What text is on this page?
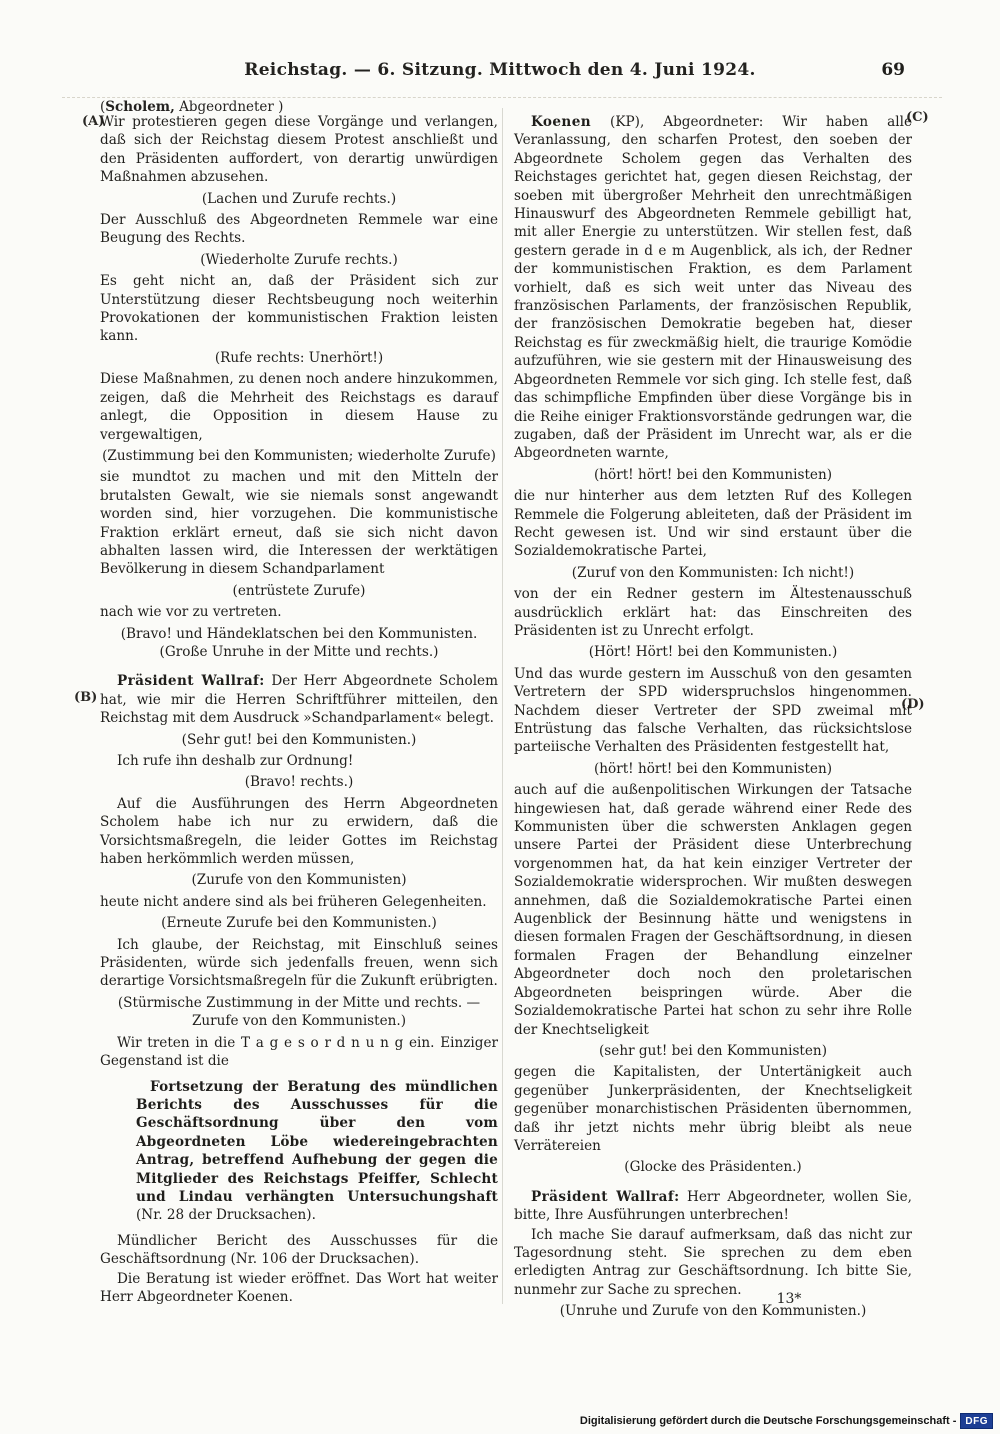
Reichstag. — 6. Sitzung. Mittwoch den 4. Juni 1924.	69
(Scholem, Abgeordneter )
(A)
(B)
(C)
(D)

Wir protestieren gegen diese Vorgänge und verlangen, daß sich der Reichstag diesem Protest anschließt und den Präsidenten auffordert, von derartig unwürdigen Maßnahmen abzusehen.

(Lachen und Zurufe rechts.)

Der Ausschluß des Abgeordneten Remmele war eine Beugung des Rechts.

(Wiederholte Zurufe rechts.)

Es geht nicht an, daß der Präsident sich zur Unterstützung dieser Rechtsbeugung noch weiterhin Provokationen der kommunistischen Fraktion leisten kann.

(Rufe rechts: Unerhört!)

Diese Maßnahmen, zu denen noch andere hinzukommen, zeigen, daß die Mehrheit des Reichstags es darauf anlegt, die Opposition in diesem Hause zu vergewaltigen,

(Zustimmung bei den Kommunisten; wiederholte Zurufe)

sie mundtot zu machen und mit den Mitteln der brutalsten Gewalt, wie sie niemals sonst angewandt worden sind, hier vorzugehen. Die kommunistische Fraktion erklärt erneut, daß sie sich nicht davon abhalten lassen wird, die Interessen der werktätigen Bevölkerung in diesem Schandparlament

(entrüstete Zurufe)

nach wie vor zu vertreten.

(Bravo! und Händeklatschen bei den Kommunisten. (Große Unruhe in der Mitte und rechts.)

Präsident Wallraf: Der Herr Abgeordnete Scholem hat, wie mir die Herren Schriftführer mitteilen, den Reichstag mit dem Ausdruck »Schandparlament« belegt.

(Sehr gut! bei den Kommunisten.)

Ich rufe ihn deshalb zur Ordnung!

(Bravo! rechts.)

Auf die Ausführungen des Herrn Abgeordneten Scholem habe ich nur zu erwidern, daß die Vorsichtsmaßregeln, die leider Gottes im Reichstag haben herkömmlich werden müssen,

(Zurufe von den Kommunisten)

heute nicht andere sind als bei früheren Gelegenheiten.

(Erneute Zurufe bei den Kommunisten.)

Ich glaube, der Reichstag, mit Einschluß seines Präsidenten, würde sich jedenfalls freuen, wenn sich derartige Vorsichtsmaßregeln für die Zukunft erübrigten.

(Stürmische Zustimmung in der Mitte und rechts. — Zurufe von den Kommunisten.)

Wir treten in die T a g e s o r d n u n g ein. Einziger Gegenstand ist die

Fortsetzung der Beratung des mündlichen Berichts des Ausschusses für die Geschäftsordnung über den vom Abgeordneten Löbe wiedereingebrachten Antrag, betreffend Aufhebung der gegen die Mitglieder des Reichstags Pfeiffer, Schlecht und Lindau verhängten Untersuchungshaft (Nr. 28 der Drucksachen).

Mündlicher Bericht des Ausschusses für die Geschäftsordnung (Nr. 106 der Drucksachen).

Die Beratung ist wieder eröffnet. Das Wort hat weiter Herr Abgeordneter Koenen.

Koenen (KP), Abgeordneter: Wir haben alle Veranlassung, den scharfen Protest, den soeben der Abgeordnete Scholem gegen das Verhalten des Reichstages gerichtet hat, gegen diesen Reichstag, der soeben mit übergroßer Mehrheit den unrechtmäßigen Hinauswurf des Abgeordneten Remmele gebilligt hat, mit aller Energie zu unterstützen. Wir stellen fest, daß gestern gerade in d e m Augenblick, als ich, der Redner der kommunistischen Fraktion, es dem Parlament vorhielt, daß es sich weit unter das Niveau des französischen Parlaments, der französischen Republik, der französischen Demokratie begeben hat, dieser Reichstag es für zweckmäßig hielt, die traurige Komödie aufzuführen, wie sie gestern mit der Hinausweisung des Abgeordneten Remmele vor sich ging. Ich stelle fest, daß das schimpfliche Empfinden über diese Vorgänge bis in die Reihe einiger Fraktionsvorstände gedrungen war, die zugaben, daß der Präsident im Unrecht war, als er die Abgeordneten warnte,

(hört! hört! bei den Kommunisten)

die nur hinterher aus dem letzten Ruf des Kollegen Remmele die Folgerung ableiteten, daß der Präsident im Recht gewesen ist. Und wir sind erstaunt über die Sozialdemokratische Partei,

(Zuruf von den Kommunisten: Ich nicht!)

von der ein Redner gestern im Ältestenausschuß ausdrücklich erklärt hat: das Einschreiten des Präsidenten ist zu Unrecht erfolgt.

(Hört! Hört! bei den Kommunisten.)

Und das wurde gestern im Ausschuß von den gesamten Vertretern der SPD widerspruchslos hingenommen. Nachdem dieser Vertreter der SPD zweimal mit Entrüstung das falsche Verhalten, das rücksichtslose parteiische Verhalten des Präsidenten festgestellt hat,

(hört! hört! bei den Kommunisten)

auch auf die außenpolitischen Wirkungen der Tatsache hingewiesen hat, daß gerade während einer Rede des Kommunisten über die schwersten Anklagen gegen unsere Partei der Präsident diese Unterbrechung vorgenommen hat, da hat kein einziger Vertreter der Sozialdemokratie widersprochen. Wir mußten deswegen annehmen, daß die Sozialdemokratische Partei einen Augenblick der Besinnung hätte und wenigstens in diesen formalen Fragen der Geschäftsordnung, in diesen formalen Fragen der Behandlung einzelner Abgeordneter doch noch den proletarischen Abgeordneten beispringen würde. Aber die Sozialdemokratische Partei hat schon zu sehr ihre Rolle der Knechtseligkeit

(sehr gut! bei den Kommunisten)

gegen die Kapitalisten, der Untertänigkeit auch gegenüber Junkerpräsidenten, der Knechtseligkeit gegenüber monarchistischen Präsidenten übernommen, daß ihr jetzt nichts mehr übrig bleibt als neue Verrätereien

(Glocke des Präsidenten.)

Präsident Wallraf: Herr Abgeordneter, wollen Sie, bitte, Ihre Ausführungen unterbrechen!

Ich mache Sie darauf aufmerksam, daß das nicht zur Tagesordnung steht. Sie sprechen zu dem eben erledigten Antrag zur Geschäftsordnung. Ich bitte Sie, nunmehr zur Sache zu sprechen.

(Unruhe und Zurufe von den Kommunisten.)

13*
Digitalisierung gefördert durch die Deutsche Forschungsgemeinschaft - DFG
